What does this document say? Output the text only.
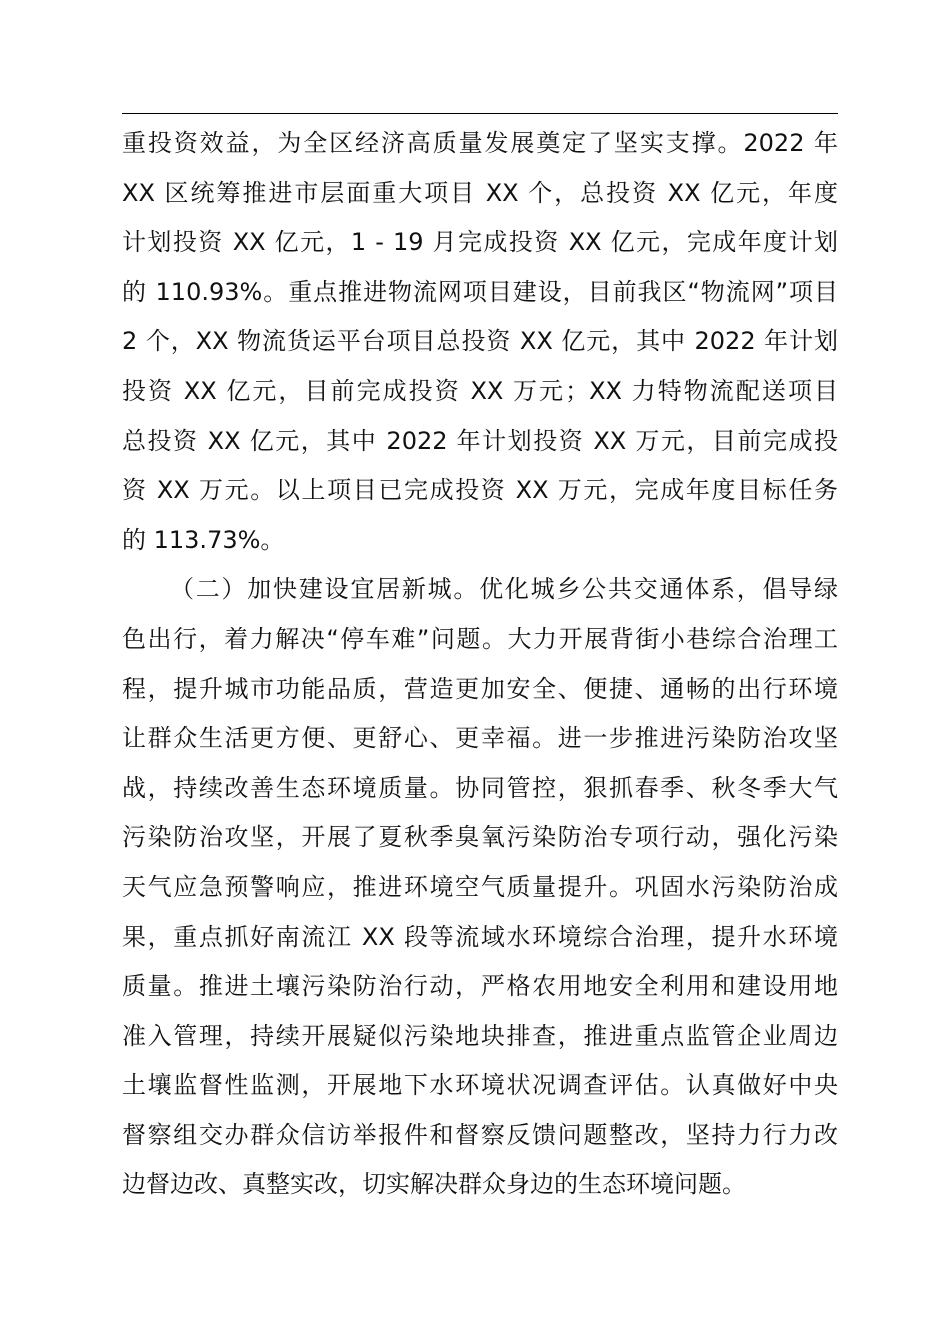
重投资效益，为全区经济高质量发展奠定了坚实支撑。2022 年
XX 区统筹推进市层面重大项目 XX 个，总投资 XX 亿元，年度
计划投资 XX 亿元，1 - 19 月完成投资 XX 亿元，完成年度计划
的 110.93%。重点推进物流网项目建设，目前我区“物流网”项目
2 个，XX 物流货运平台项目总投资 XX 亿元，其中 2022 年计划
投资 XX 亿元，目前完成投资 XX 万元；XX 力特物流配送项目
总投资 XX 亿元，其中 2022 年计划投资 XX 万元，目前完成投
资 XX 万元。以上项目已完成投资 XX 万元，完成年度目标任务
的 113.73%。
（二）加快建设宜居新城。优化城乡公共交通体系，倡导绿
色出行，着力解决“停车难”问题。大力开展背街小巷综合治理工
程，提升城市功能品质，营造更加安全、便捷、通畅的出行环境
让群众生活更方便、更舒心、更幸福。进一步推进污染防治攻坚
战，持续改善生态环境质量。协同管控，狠抓春季、秋冬季大气
污染防治攻坚，开展了夏秋季臭氧污染防治专项行动，强化污染
天气应急预警响应，推进环境空气质量提升。巩固水污染防治成
果，重点抓好南流江 XX 段等流域水环境综合治理，提升水环境
质量。推进土壤污染防治行动，严格农用地安全利用和建设用地
准入管理，持续开展疑似污染地块排查，推进重点监管企业周边
土壤监督性监测，开展地下水环境状况调查评估。认真做好中央
督察组交办群众信访举报件和督察反馈问题整改，坚持力行力改
边督边改、真整实改，切实解决群众身边的生态环境问题。
